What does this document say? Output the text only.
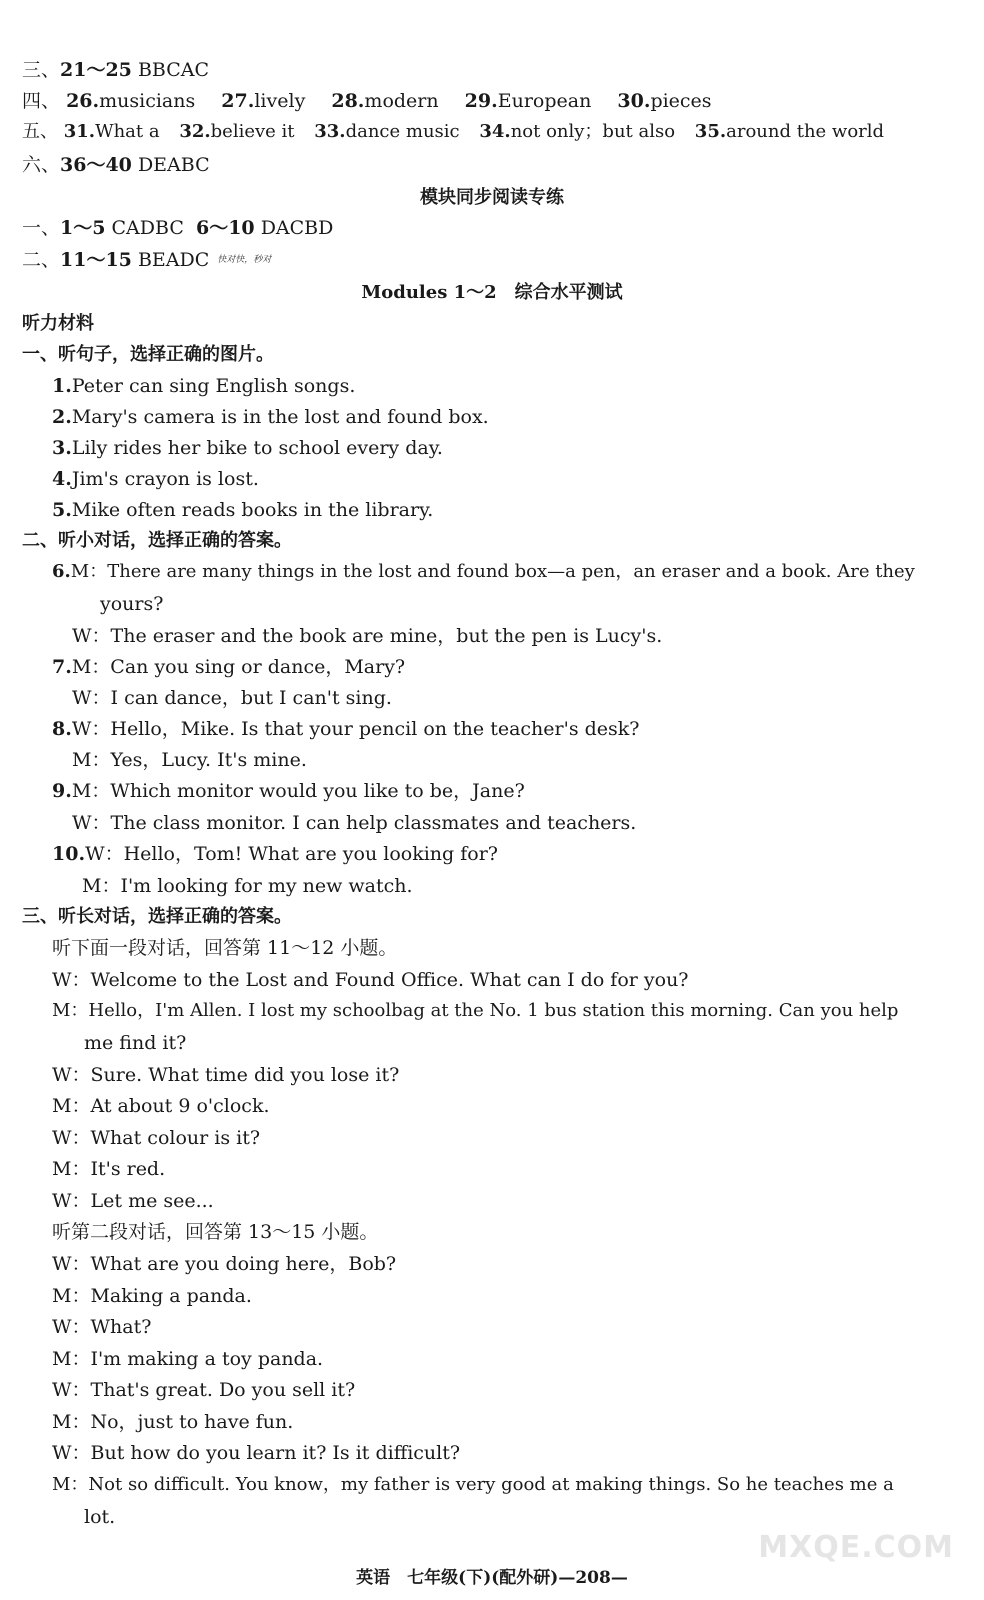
三、21～25 BBCAC
四、 26.musicians 27.lively 28.modern 29.European 30.pieces
五、 31.What a 32.believe it 33.dance music 34.not only；but also 35.around the world
六、36～40 DEABC
模块同步阅读专练
一、1～5 CADBC 6～10 DACBD
二、11～15 BEADC $^{快对快,秒对}$
Modules 1～2　综合水平测试
听力材料
一、听句子，选择正确的图片。
1.Peter can sing English songs.
2.Mary's camera is in the lost and found box.
3.Lily rides her bike to school every day.
4.Jim's crayon is lost.
5.Mike often reads books in the library.
二、听小对话，选择正确的答案。
6.M：There are many things in the lost and found box—a pen，an eraser and a book. Are they
yours?
W：The eraser and the book are mine，but the pen is Lucy's.
7.M：Can you sing or dance，Mary?
W：I can dance，but I can't sing.
8.W：Hello，Mike. Is that your pencil on the teacher's desk?
M：Yes，Lucy. It's mine.
9.M：Which monitor would you like to be，Jane?
W：The class monitor. I can help classmates and teachers.
10.W：Hello，Tom! What are you looking for?
M：I'm looking for my new watch.
三、听长对话，选择正确的答案。
听下面一段对话，回答第 11～12 小题。
W：Welcome to the Lost and Found Office. What can I do for you?
M：Hello，I'm Allen. I lost my schoolbag at the No. 1 bus station this morning. Can you help
me find it?
W：Sure. What time did you lose it?
M：At about 9 o'clock.
W：What colour is it?
M：It's red.
W：Let me see...
听第二段对话，回答第 13～15 小题。
W：What are you doing here，Bob?
M：Making a panda.
W：What?
M：I'm making a toy panda.
W：That's great. Do you sell it?
M：No，just to have fun.
W：But how do you learn it? Is it difficult?
M：Not so difficult. You know，my father is very good at making things. So he teaches me a
lot.
MXQE.COM
英语　七年级(下)(配外研)—208—
